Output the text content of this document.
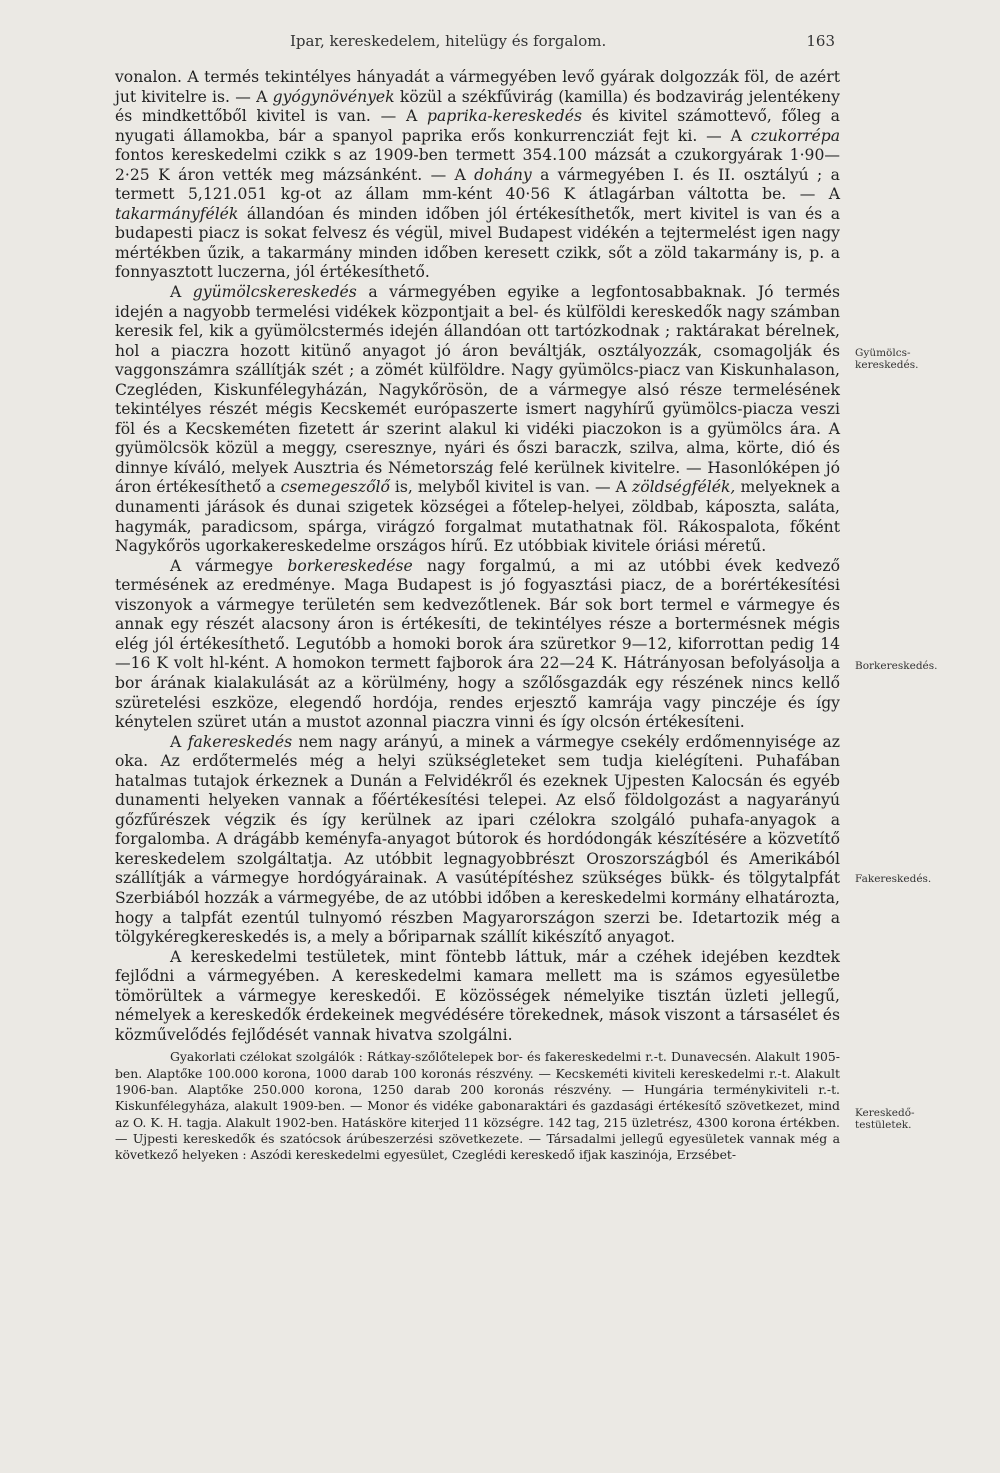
Ipar, kereskedelem, hitelügy és forgalom.	163

vonalon. A termés tekintélyes hányadát a vármegyében levő gyárak dolgozzák föl, de azért jut kivitelre is. — A gyógynövények közül a székfűvirág (kamilla) és bodzavirág jelentékeny és mindkettőből kivitel is van. — A paprika-kereskedés és kivitel számottevő, főleg a nyugati államokba, bár a spanyol paprika erős konkurrencziát fejt ki. — A czukorrépa fontos kereskedelmi czikk s az 1909-ben termett 354.100 mázsát a czukorgyárak 1·90—2·25 K áron vették meg mázsánként. — A dohány a vármegyében I. és II. osztályú ; a termett 5,121.051 kg-ot az állam mm-ként 40·56 K átlagárban váltotta be. — A takarmányfélék állandóan és minden időben jól értékesíthetők, mert kivitel is van és a budapesti piacz is sokat felvesz és végül, mivel Budapest vidékén a tejtermelést igen nagy mértékben űzik, a takarmány minden időben keresett czikk, sőt a zöld takarmány is, p. a fonnyasztott luczerna, jól értékesíthető.

A gyümölcskereskedés a vármegyében egyike a legfontosabbaknak. Jó termés idején a nagyobb termelési vidékek központjait a bel- és külföldi kereskedők nagy számban keresik fel, kik a gyümölcstermés idején állandóan ott tartózkodnak ; raktárakat bérelnek, hol a piaczra hozott kitünő anyagot jó áron beváltják, osztályozzák, csomagolják és vaggonszámra szállítják szét ; a zömét külföldre. Nagy gyümölcs-piacz van Kiskunhalason, Czegléden, Kiskunfélegyházán, Nagykőrösön, de a vármegye alsó része termelésének tekintélyes részét mégis Kecskemét európaszerte ismert nagyhírű gyümölcs-piacza veszi föl és a Kecskeméten fizetett ár szerint alakul ki vidéki piaczokon is a gyümölcs ára. A gyümölcsök közül a meggy, cseresznye, nyári és őszi baraczk, szilva, alma, körte, dió és dinnye kíváló, melyek Ausztria és Németország felé kerülnek kivitelre. — Hasonlóképen jó áron értékesíthető a csemegeszőlő is, melyből kivitel is van. — A zöldségfélék, melyeknek a dunamenti járások és dunai szigetek községei a főtelep-helyei, zöldbab, káposzta, saláta, hagymák, paradicsom, spárga, virágzó forgalmat mutathatnak föl. Rákospalota, főként Nagykőrös ugorkakereskedelme országos hírű. Ez utóbbiak kivitele óriási méretű.

A vármegye borkereskedése nagy forgalmú, a mi az utóbbi évek kedvező termésének az eredménye. Maga Budapest is jó fogyasztási piacz, de a borértékesítési viszonyok a vármegye területén sem kedvezőtlenek. Bár sok bort termel e vármegye és annak egy részét alacsony áron is értékesíti, de tekintélyes része a bortermésnek mégis elég jól értékesíthető. Legutóbb a homoki borok ára szüretkor 9—12, kiforrottan pedig 14—16 K volt hl-ként. A homokon termett fajborok ára 22—24 K. Hátrányosan befolyásolja a bor árának kialakulását az a körülmény, hogy a szőlősgazdák egy részének nincs kellő szüretelési eszköze, elegendő hordója, rendes erjesztő kamrája vagy pinczéje és így kénytelen szüret után a mustot azonnal piaczra vinni és így olcsón értékesíteni.

A fakereskedés nem nagy arányú, a minek a vármegye csekély erdőmennyisége az oka. Az erdőtermelés még a helyi szükségleteket sem tudja kielégíteni. Puhafában hatalmas tutajok érkeznek a Dunán a Felvidékről és ezeknek Ujpesten Kalocsán és egyéb dunamenti helyeken vannak a főértékesítési telepei. Az első földolgozást a nagyarányú gőzfűrészek végzik és így kerülnek az ipari czélokra szolgáló puhafa-anyagok a forgalomba. A drágább keményfa-anyagot bútorok és hordódongák készítésére a közvetítő kereskedelem szolgáltatja. Az utóbbit legnagyobbrészt Oroszországból és Amerikából szállítják a vármegye hordógyárainak. A vasútépítéshez szükséges bükk- és tölgytalpfát Szerbiából hozzák a vármegyébe, de az utóbbi időben a kereskedelmi kormány elhatározta, hogy a talpfát ezentúl tulnyomó részben Magyarországon szerzi be. Idetartozik még a tölgykéregkereskedés is, a mely a bőriparnak szállít kikészítő anyagot.

A kereskedelmi testületek, mint föntebb láttuk, már a czéhek idejében kezdtek fejlődni a vármegyében. A kereskedelmi kamara mellett ma is számos egyesületbe tömörültek a vármegye kereskedői. E közösségek némelyike tisztán üzleti jellegű, némelyek a kereskedők érdekeinek megvédésére törekednek, mások viszont a társasélet és közművelődés fejlődését vannak hivatva szolgálni.

Gyakorlati czélokat szolgálók : Rátkay-szőlőtelepek bor- és fakereskedelmi r.-t. Dunavecsén. Alakult 1905-ben. Alaptőke 100.000 korona, 1000 darab 100 koronás részvény. — Kecskeméti kiviteli kereskedelmi r.-t. Alakult 1906-ban. Alaptőke 250.000 korona, 1250 darab 200 koronás részvény. — Hungária terménykiviteli r.-t. Kiskunfélegyháza, alakult 1909-ben. — Monor és vidéke gabonaraktári és gazdasági értékesítő szövetkezet, mind az O. K. H. tagja. Alakult 1902-ben. Hatásköre kiterjed 11 községre. 142 tag, 215 üzletrész, 4300 korona értékben. — Ujpesti kereskedők és szatócsok árúbeszerzési szövetkezete. — Társadalmi jellegű egyesületek vannak még a következő helyeken : Aszódi kereskedelmi egyesület, Czeglédi kereskedő ifjak kaszinója, Erzsébet-

Gyümölcs-kereskedés.
Borkereskedés.
Fakereskedés.
Kereskedő-testületek.
